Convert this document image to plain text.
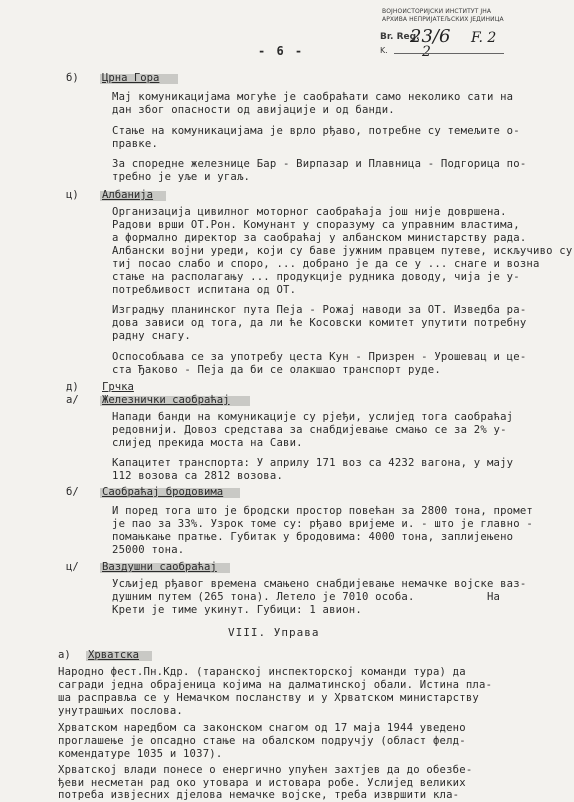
ВОЈНОИСТОРИЈСКИ ИНСТИТУТ ЈНА
АРХИВА НЕПРИЈАТЕЉСКИХ ЈЕДИНИЦА
Br. Reg.
23/6 F. 2
K. 2
- 6 -
б) Црна Гора
Мај комуникацијама могуће је саобраћати само неколико сати на
дан због опасности од авијације и од банди.
Стање на комуникацијама је врло рђаво, потребне су темељите о-
правке.
За споредне железнице Бар - Вирпазар и Плавница - Подгорица по-
требно је уље и угаљ.
ц) Албанија
Организација цивилног моторног саобраћаја још није довршена.
Радови врши ОТ.Рон. Комунант у споразуму са управним властима,
а формално директор за саобраћај у албанском министарству рада.
Албански војни уреди, који су баве јужним правцем путеве, искључиво су
тиј посао слабо и споро, ... добрано је да се у ... снаге и возна
стање на располагању ... продукције рудника доводу, чија је у-
потребљивост испитана од ОТ.
Изградњу планинског пута Пеја - Рожај наводи за ОТ. Изведба ра-
дова зависи од тога, да ли ће Косовски комитет упутити потребну
радну снагу.
Оспособљава се за употребу цеста Кун - Призрен - Урошевац и це-
ста Ђаково - Пеја да би се олакшао транспорт руде.
д) Грчка
а/ Железнички саобраћај
Напади банди на комуникације су рјеђи, услијед тога саобраћај
редовнији. Довоз средстава за снабдијевање смањо се за 2% у-
слијед прекида моста на Сави.
Капацитет транспорта: У априлу 171 воз са 4232 вагона, у мају
112 возова са 2812 возова.
б/ Саобраћај бродовима
И поред тога што је бродски простор повећан за 2800 тона, промет
је пао за 33%. Узрок томе су: рђаво вријеме и. - што је главно -
помањкање пратње. Губитак у бродовима: 4000 тона, заплијењено
25000 тона.
ц/ Ваздушни саобраћај
Усљијед рђавог времена смањено снабдијевање немачке војске ваз-
душним путем (265 тона). Летело је 7010 особа.           На
Крети је тиме укинут. Губици: 1 авион.
VIII. Управа
а) Хрватска
Народно фест.Пн.Кдр. (таранској инспекторској команди тура) да
сагради једна обрајеница којима на далматинској обали. Истина пла-
ша расправља се у Немачком посланству и у Хрватском министарству
унутрашњих послова.
Хрватском наредбом са законском снагом од 17 маја 1944 уведено
проглашење је опсадно стање на обалском подручју (област фелд-
комендатуре 1035 и 1037).
Хрватској влади понесе о енергично упућен захтјев да до обезбе-
ђеви несметан рад око утовара и истовара робе. Услијед великих
потреба извјесних дјелова немачке војске, треба извршити кла-
